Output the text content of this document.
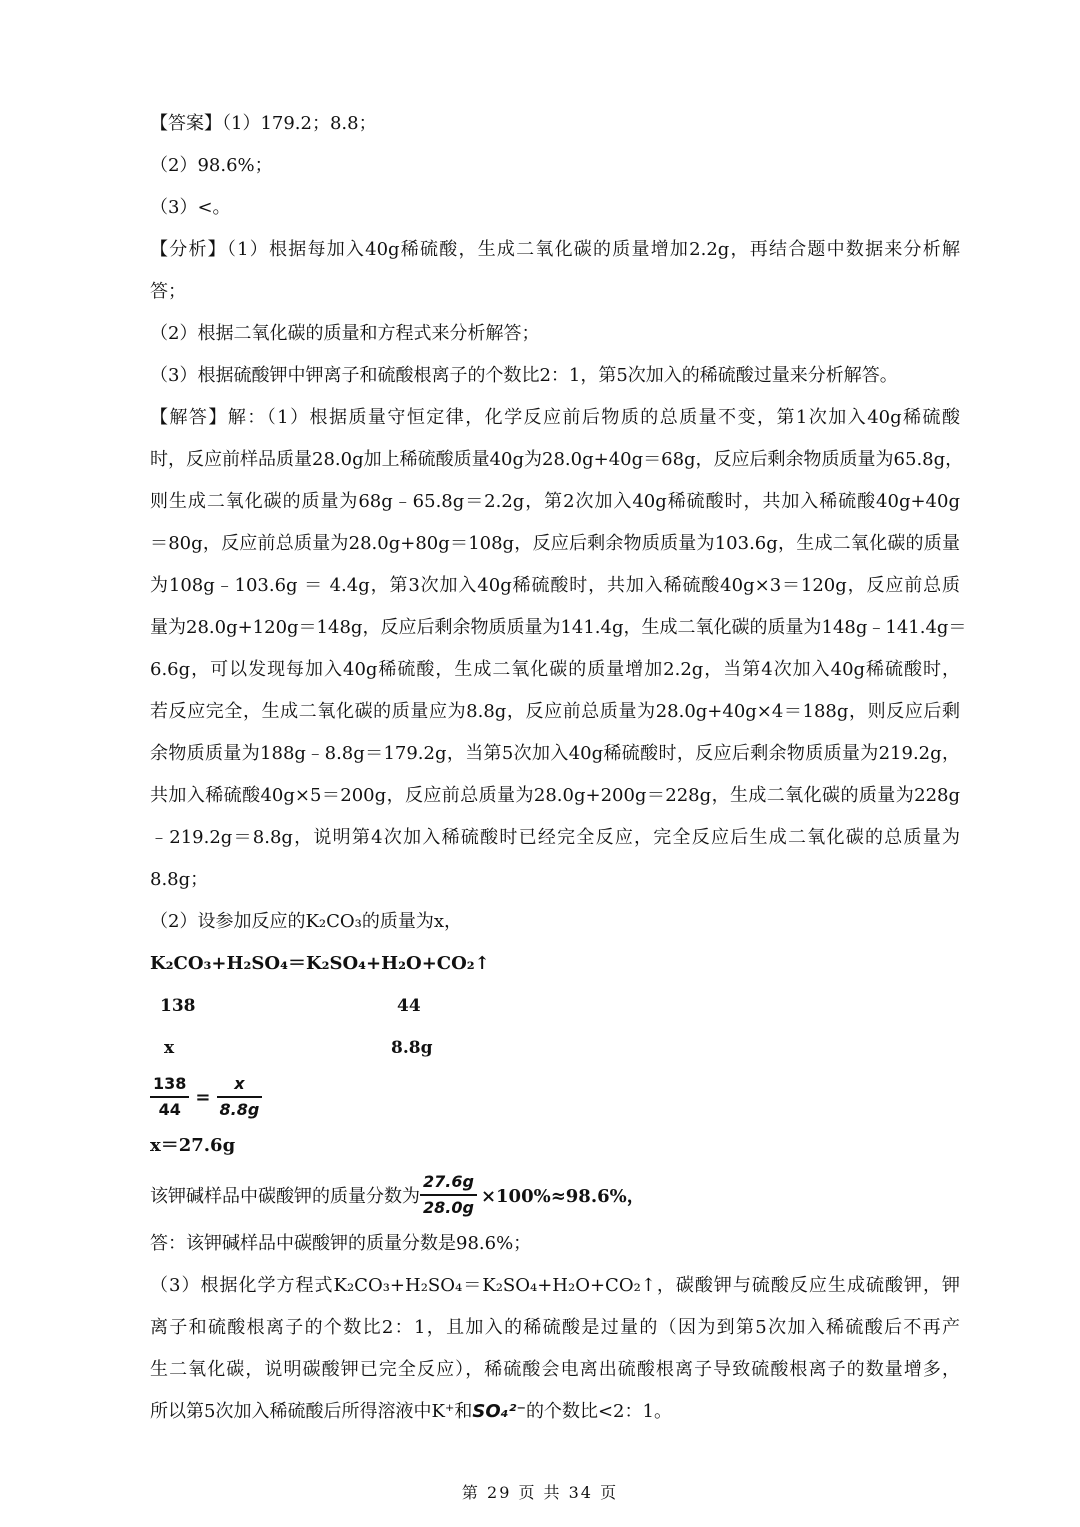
【答案】（1）179.2；8.8；
（2）98.6%；
（3）<。
【分析】（1）根据每加入40g稀硫酸，生成二氧化碳的质量增加2.2g，再结合题中数据来分析解
答；
（2）根据二氧化碳的质量和方程式来分析解答；
（3）根据硫酸钾中钾离子和硫酸根离子的个数比2：1，第5次加入的稀硫酸过量来分析解答。
【解答】解：（1）根据质量守恒定律，化学反应前后物质的总质量不变，第1次加入40g稀硫酸
时，反应前样品质量28.0g加上稀硫酸质量40g为28.0g+40g＝68g，反应后剩余物质质量为65.8g，
则生成二氧化碳的质量为68g﹣65.8g＝2.2g，第2次加入40g稀硫酸时，共加入稀硫酸40g+40g
＝80g，反应前总质量为28.0g+80g＝108g，反应后剩余物质质量为103.6g，生成二氧化碳的质量
为108g﹣103.6g ＝ 4.4g，第3次加入40g稀硫酸时，共加入稀硫酸40g×3＝120g，反应前总质
量为28.0g+120g＝148g，反应后剩余物质质量为141.4g，生成二氧化碳的质量为148g﹣141.4g＝
6.6g，可以发现每加入40g稀硫酸，生成二氧化碳的质量增加2.2g，当第4次加入40g稀硫酸时，
若反应完全，生成二氧化碳的质量应为8.8g，反应前总质量为28.0g+40g×4＝188g，则反应后剩
余物质质量为188g﹣8.8g＝179.2g，当第5次加入40g稀硫酸时，反应后剩余物质质量为219.2g，
共加入稀硫酸40g×5＝200g，反应前总质量为28.0g+200g＝228g，生成二氧化碳的质量为228g
﹣219.2g＝8.8g，说明第4次加入稀硫酸时已经完全反应，完全反应后生成二氧化碳的总质量为
8.8g；
（2）设参加反应的K₂CO₃的质量为x，
K₂CO₃+H₂SO₄＝K₂SO₄+H₂O+CO₂↑
138	44
x	8.8g
$\frac{138}{44} = \frac{x}{8.8g}$
x＝27.6g
该钾碱样品中碳酸钾的质量分数为 $\frac{27.6g}{28.0g} \times 100\%\approx 98.6\%$，
答：该钾碱样品中碳酸钾的质量分数是98.6%；
（3）根据化学方程式K₂CO₃+H₂SO₄＝K₂SO₄+H₂O+CO₂↑，碳酸钾与硫酸反应生成硫酸钾，钾
离子和硫酸根离子的个数比2：1，且加入的稀硫酸是过量的（因为到第5次加入稀硫酸后不再产
生二氧化碳，说明碳酸钾已完全反应），稀硫酸会电离出硫酸根离子导致硫酸根离子的数量增多，
所以第5次加入稀硫酸后所得溶液中K⁺和SO₄²⁻的个数比<2：1。
第 29 页 共 34 页
